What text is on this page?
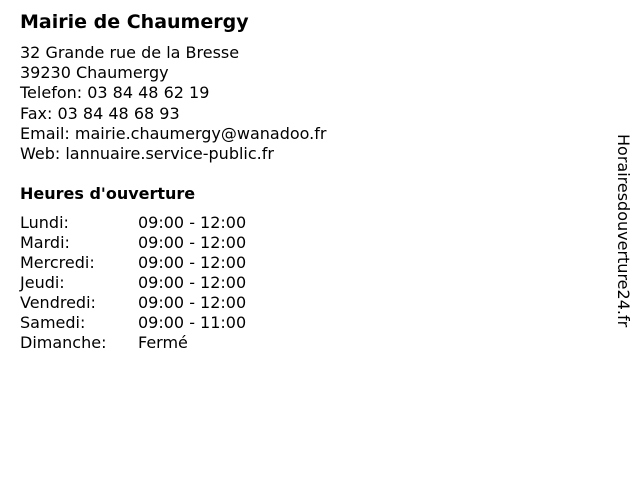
Mairie de Chaumergy
32 Grande rue de la Bresse
39230 Chaumergy
Telefon: 03 84 48 62 19
Fax: 03 84 48 68 93
Email: mairie.chaumergy@wanadoo.fr
Web: lannuaire.service-public.fr
Heures d'ouverture
Lundi:	09:00 - 12:00
Mardi:	09:00 - 12:00
Mercredi:	09:00 - 12:00
Jeudi:	09:00 - 12:00
Vendredi:	09:00 - 12:00
Samedi:	09:00 - 11:00
Dimanche: Fermé
Horairesdouverture24.fr
